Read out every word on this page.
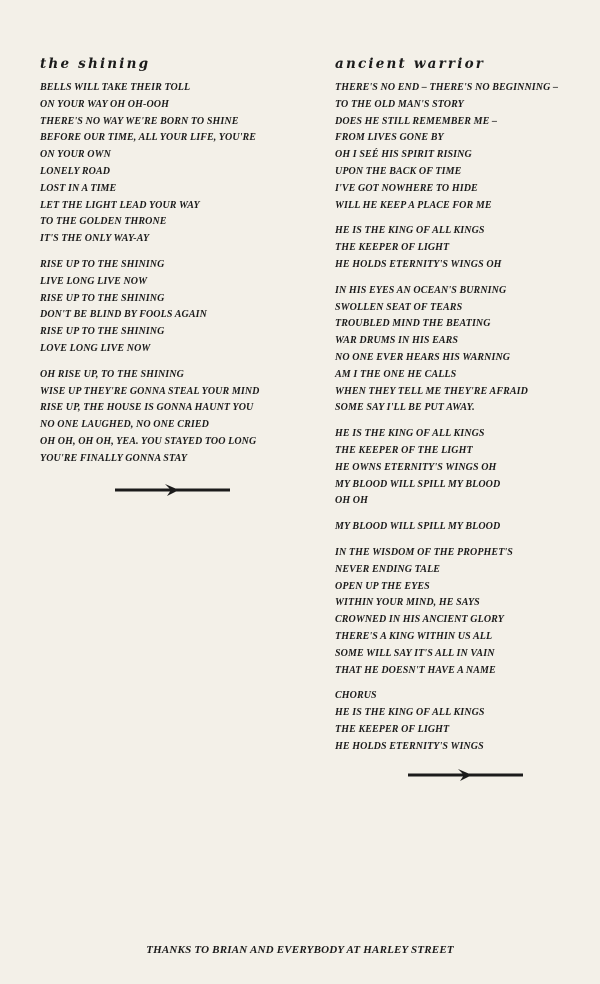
the shining
BELLS WILL TAKE THEIR TOLL
ON YOUR WAY OH OH-OOH
THERE'S NO WAY WE'RE BORN TO SHINE
BEFORE OUR TIME, ALL YOUR LIFE, YOU'RE
ON YOUR OWN
LONELY ROAD
LOST IN A TIME
LET THE LIGHT LEAD YOUR WAY
TO THE GOLDEN THRONE
IT'S THE ONLY WAY-AY
RISE UP TO THE SHINING
LIVE LONG LIVE NOW
RISE UP TO THE SHINING
DON'T BE BLIND BY FOOLS AGAIN
RISE UP TO THE SHINING
LOVE LONG LIVE NOW
OH RISE UP, TO THE SHINING
WISE UP THEY'RE GONNA STEAL YOUR MIND
RISE UP, THE HOUSE IS GONNA HAUNT YOU
NO ONE LAUGHED, NO ONE CRIED
OH OH, OH OH, YEA. YOU STAYED TOO LONG
YOU'RE FINALLY GONNA STAY
ancient warrior
THERE'S NO END – THERE'S NO BEGINNING –
TO THE OLD MAN'S STORY
DOES HE STILL REMEMBER ME –
FROM LIVES GONE BY
OH I SEÉ HIS SPIRIT RISING
UPON THE BACK OF TIME
I'VE GOT NOWHERE TO HIDE
WILL HE KEEP A PLACE FOR ME
HE IS THE KING OF ALL KINGS
THE KEEPER OF LIGHT
HE HOLDS ETERNITY'S WINGS OH
IN HIS EYES AN OCEAN'S BURNING
SWOLLEN SEAT OF TEARS
TROUBLED MIND THE BEATING
WAR DRUMS IN HIS EARS
NO ONE EVER HEARS HIS WARNING
AM I THE ONE HE CALLS
WHEN THEY TELL ME THEY'RE AFRAID
SOME SAY I'LL BE PUT AWAY.
HE IS THE KING OF ALL KINGS
THE KEEPER OF THE LIGHT
HE OWNS ETERNITY'S WINGS OH
MY BLOOD WILL SPILL MY BLOOD
OH OH
MY BLOOD WILL SPILL MY BLOOD
IN THE WISDOM OF THE PROPHET'S
NEVER ENDING TALE
OPEN UP THE EYES
WITHIN YOUR MIND, HE SAYS
CROWNED IN HIS ANCIENT GLORY
THERE'S A KING WITHIN US ALL
SOME WILL SAY IT'S ALL IN VAIN
THAT HE DOESN'T HAVE A NAME
CHORUS
HE IS THE KING OF ALL KINGS
THE KEEPER OF LIGHT
HE HOLDS ETERNITY'S WINGS
THANKS TO BRIAN AND EVERYBODY AT HARLEY STREET
